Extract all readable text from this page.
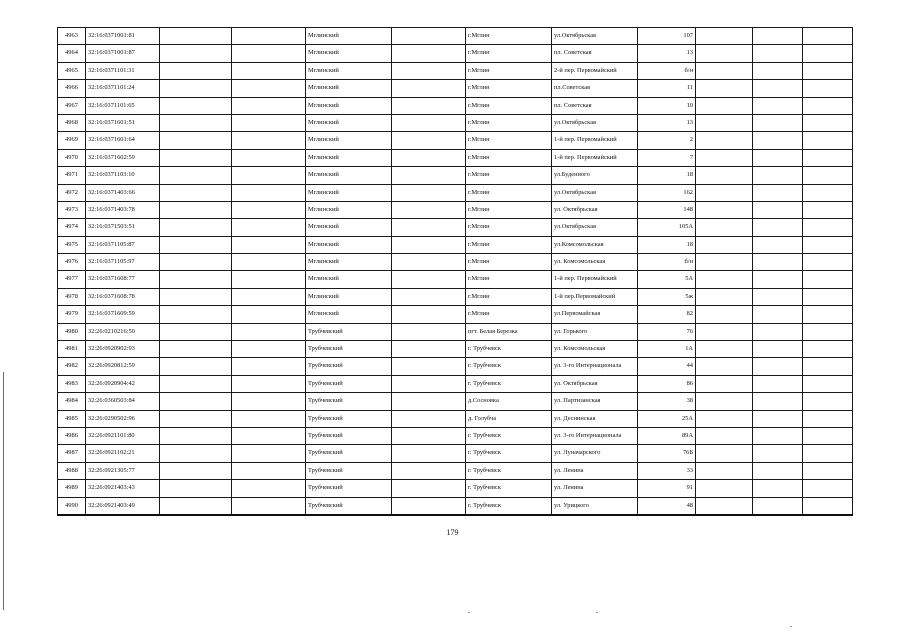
4963	32:16:0371001:81			Мглинский		г.Мглин	ул.Октябрьская	107			
4964	32:16:0371001:87			Мглинский		г.Мглин	пл. Советская	13			
4965	32:16:0371101:31			Мглинский		г.Мглин	2-й пер. Первомайский	б/н			
4966	32:16:0371101:24			Мглинский		г.Мглин	пл.Советская	11			
4967	32:16:0371101:65			Мглинский		г.Мглин	пл. Советская	10			
4968	32:16:0371601:51			Мглинский		г.Мглин	ул.Октябрьская	13			
4969	32:16:0371601:64			Мглинский		г.Мглин	1-й пер. Первомайский	2			
4970	32:16:0371602:59			Мглинский		г.Мглин	1-й пер. Первомайский	7			
4971	32:16:0371103:10			Мглинский		г.Мглин	ул.Буденного	18			
4972	32:16:0371403:66			Мглинский		г.Мглин	ул.Октябрьская	162			
4973	32:16:0371403:78			Мглинский		г.Мглин	ул. Октябрьская	148			
4974	32:16:0371503:51			Мглинский		г.Мглин	ул.Октябрьская	105А			
4975	32:16:0371105:87			Мглинский		г.Мглин	ул.Комсомольская	18			
4976	32:16:0371105:97			Мглинский		г.Мглин	ул. Комсомольская	б/н			
4977	32:16:0371608:77			Мглинский		г.Мглин	1-й пер. Первомайский	5А			
4978	32:16:0371608:78			Мглинский		г.Мглин	1-й пер.Первомайский	5ж			
4979	32:16:0371609:59			Мглинский		г.Мглин	ул.Первомайская	82			
4980	32:26:0210216:50			Трубчевский		пгт. Белая Березка	ул. Горького	76			
4981	32:26:0920902:93			Трубчевский		г. Трубчевск	ул. Комсомольская	1А			
4982	32:26:0920812:59			Трубчевский		г. Трубчевск	ул. 3-го Интернационала	44			
4983	32:26:0920904:42			Трубчевский		г. Трубчевск	ул. Октябрьская	86			
4984	32:26:0360503:84			Трубчевский		д.Сосновка	ул. Партизанская	38			
4985	32:26:0290502:96			Трубчевский		д. Голубча	ул. Деснинская	25А			
4986	32:26:0921101:80			Трубчевский		г. Трубчевск	ул. 3-го Интернационала	89А			
4987	32:26:0921102:21			Трубчевский		г. Трубчевск	ул. Луначарского	76Б			
4988	32:26:0921305:77			Трубчевский		г. Трубчевск	ул. Ленина	33			
4989	32:26:0921403:43			Трубчевский		г. Трубчевск	ул. Ленина	91			
4990	32:26:0921403:49			Трубчевский		г. Трубчевск	ул. Урицкого	48			
179
